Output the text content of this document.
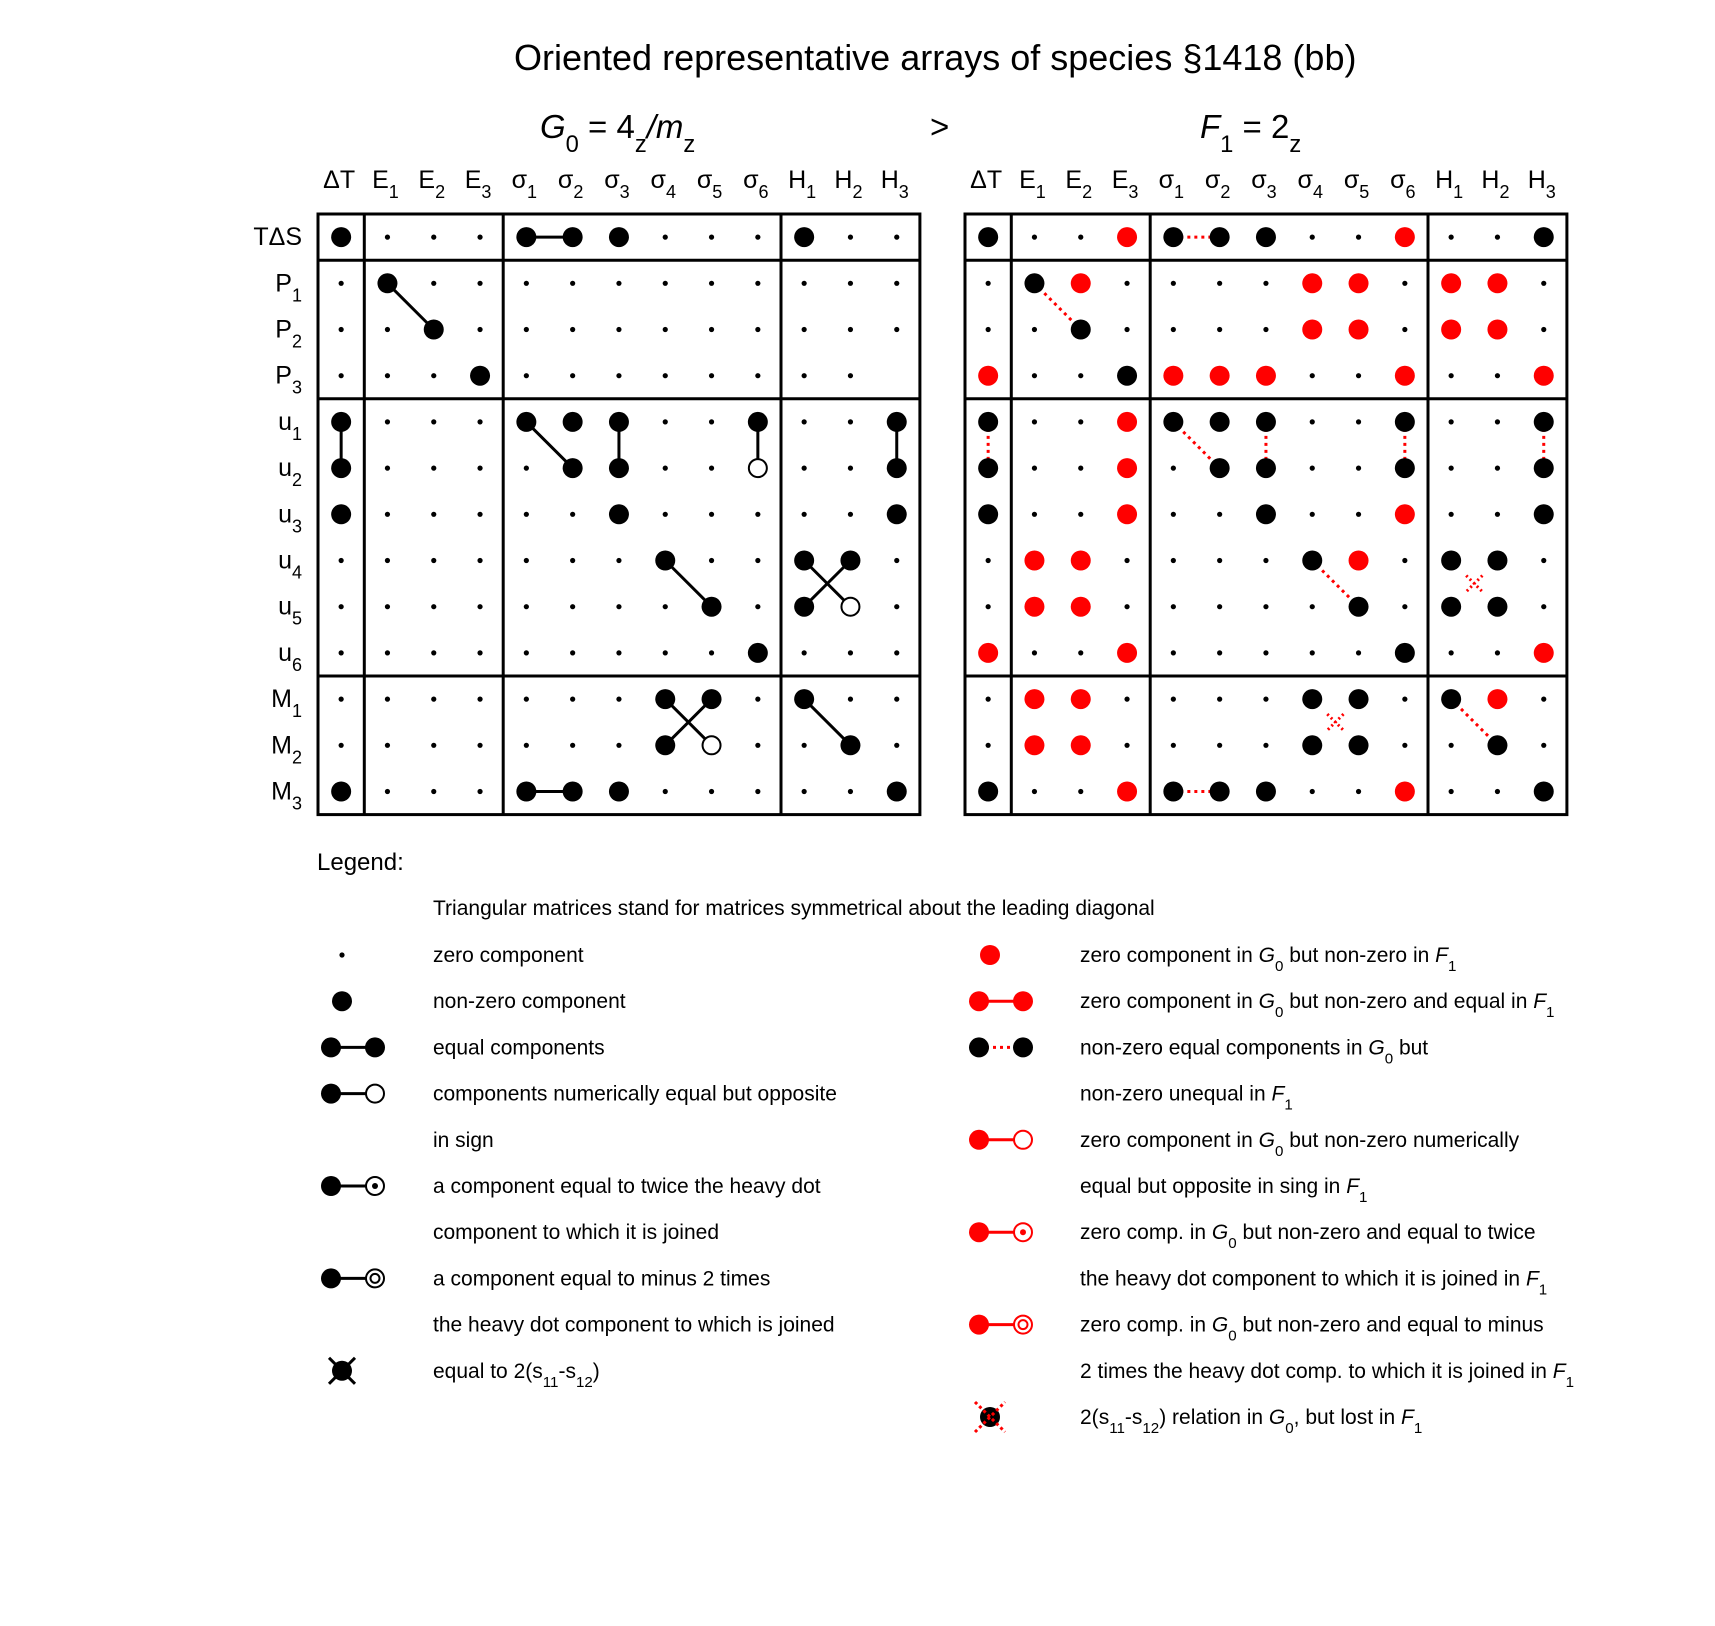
Oriented representative arrays of species §1418 (bb)
$G_0 = 4_z/m_z$	$F_1 = 2_z$
>
ΔT $E_1$ $E_2$ $E_3$ $\sigma_1$ $\sigma_2$ $\sigma_3$ $\sigma_4$ $\sigma_5$ $\sigma_6$ $H_1$ $H_2$ $H_3$
TΔS
$P_1$
$P_2$
$P_3$
$u_1$
$u_2$
$u_3$
$u_4$
$u_5$
$u_6$
$M_1$
$M_2$
$M_3$
ΔT $E_1$ $E_2$ $E_3$ $\sigma_1$ $\sigma_2$ $\sigma_3$ $\sigma_4$ $\sigma_5$ $\sigma_6$ $H_1$ $H_2$ $H_3$
Legend:
Triangular matrices stand for matrices symmetrical about the leading diagonal
zero component
non-zero component
equal components
components numerically equal but opposite
in sign
a component equal to twice the heavy dot
component to which it is joined
a component equal to minus 2 times
the heavy dot component to which is joined
equal to $2(s_{11}-s_{12})$
zero component in $G_0$ but non-zero in $F_1$
zero component in $G_0$ but non-zero and equal in $F_1$
non-zero equal components in $G_0$ but
non-zero unequal in $F_1$
zero component in $G_0$ but non-zero numerically
equal but opposite in sing in $F_1$
zero comp. in $G_0$ but non-zero and equal to twice
the heavy dot component to which it is joined in $F_1$
zero comp. in $G_0$ but non-zero and equal to minus
2 times the heavy dot comp. to which it is joined in $F_1$
$2(s_{11}-s_{12})$ relation in $G_0$, but lost in $F_1$
